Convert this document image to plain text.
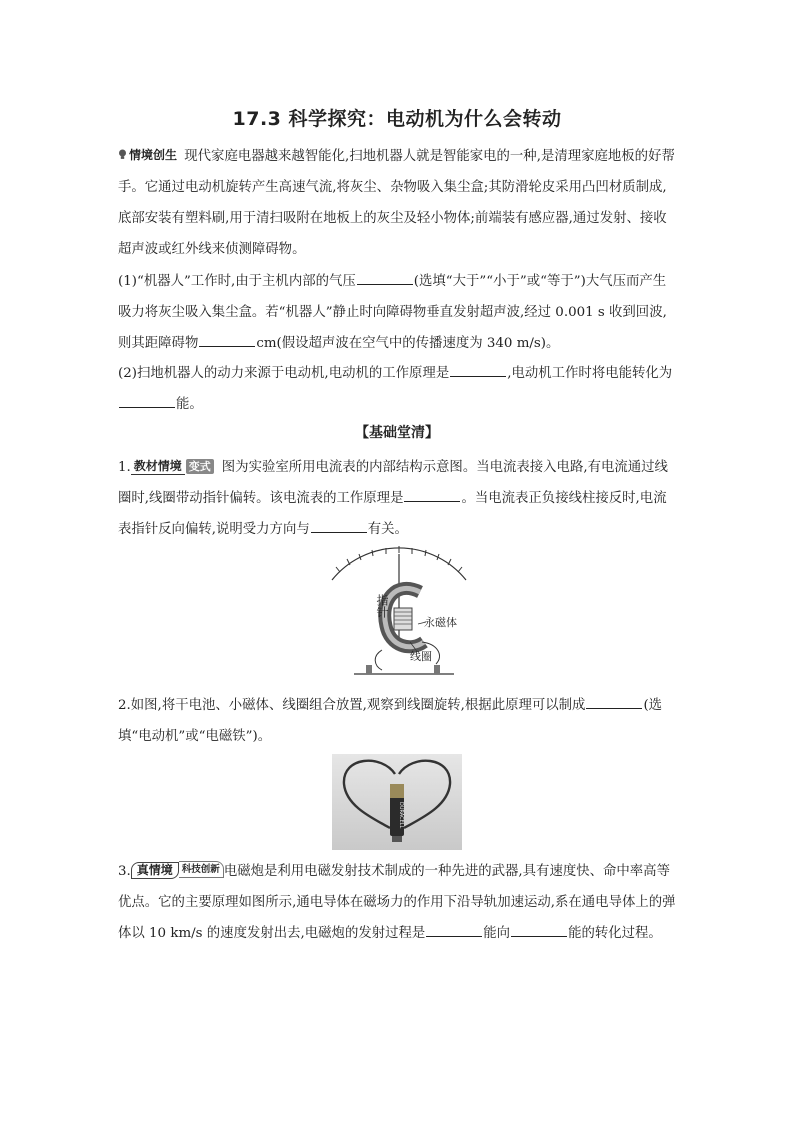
17.3 科学探究：电动机为什么会转动
情境创生 现代家庭电器越来越智能化,扫地机器人就是智能家电的一种,是清理家庭地板的好帮手。它通过电动机旋转产生高速气流,将灰尘、杂物吸入集尘盒;其防滑轮皮采用凸凹材质制成,底部安装有塑料刷,用于清扫吸附在地板上的灰尘及轻小物体;前端装有感应器,通过发射、接收超声波或红外线来侦测障碍物。
(1)“机器人”工作时,由于主机内部的气压	(选填“大于”“小于”或“等于”)大气压而产生吸力将灰尘吸入集尘盒。若“机器人”静止时向障碍物垂直发射超声波,经过 0.001 s 收到回波,则其距障碍物	cm(假设超声波在空气中的传播速度为 340 m/s)。
(2)扫地机器人的动力来源于电动机,电动机的工作原理是	,电动机工作时将电能转化为能。
【基础堂清】
1. 教材情境 变式 图为实验室所用电流表的内部结构示意图。当电流表接入电路,有电流通过线圈时,线圈带动指针偏转。该电流表的工作原理是	。当电流表正负接线柱接反时,电流表指针反向偏转,说明受力方向与	有关。
指针
永磁体
线圈
2.如图,将干电池、小磁体、线圈组合放置,观察到线圈旋转,根据此原理可以制成	(选填“电动机”或“电磁铁”)。
DURACELL
3. 真情境 科技创新 电磁炮是利用电磁发射技术制成的一种先进的武器,具有速度快、命中率高等优点。它的主要原理如图所示,通电导体在磁场力的作用下沿导轨加速运动,系在通电导体上的弹体以 10 km/s 的速度发射出去,电磁炮的发射过程是	能向	能的转化过程。
